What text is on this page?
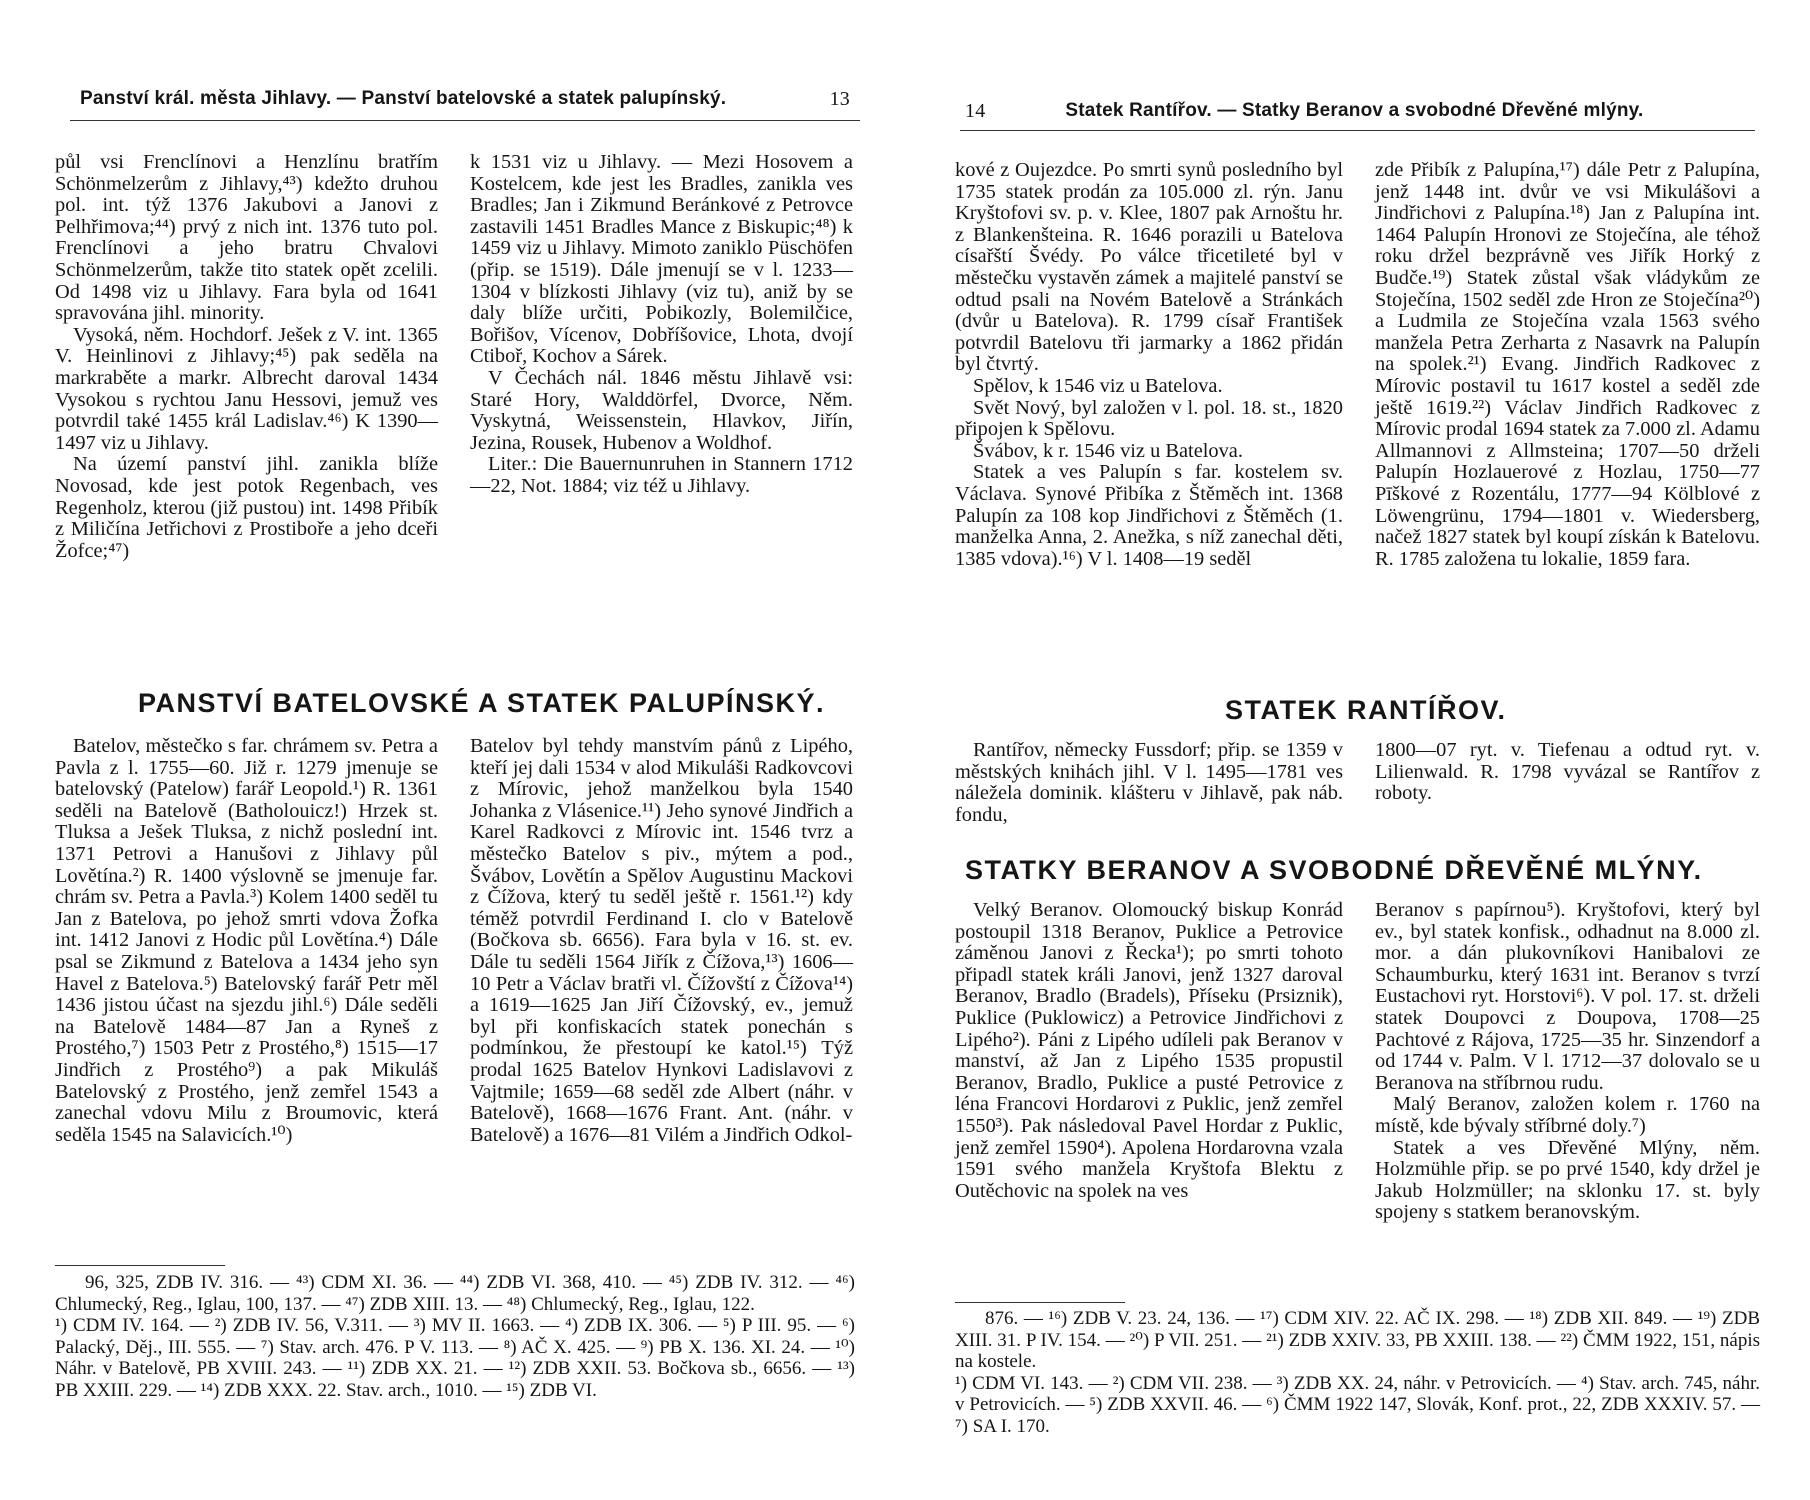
Panství král. města Jihlavy. — Panství batelovské a statek palupínský.	13

půl vsi Frenclínovi a Henzlínu bratřím Schönmelzerům z Jihlavy,⁴³) kdežto druhou pol. int. týž 1376 Jakubovi a Janovi z Pelhřimova;⁴⁴) prvý z nich int. 1376 tuto pol. Frenclínovi a jeho bratru Chvalovi Schönmelzerům, takže tito statek opět zcelili. Od 1498 viz u Jihlavy. Fara byla od 1641 spravována jihl. minority.

Vysoká, něm. Hochdorf. Ješek z V. int. 1365 V. Heinlinovi z Jihlavy;⁴⁵) pak seděla na markraběte a markr. Albrecht daroval 1434 Vysokou s rychtou Janu Hessovi, jemuž ves potvrdil také 1455 král Ladislav.⁴⁶) K 1390—1497 viz u Jihlavy.

Na území panství jihl. zanikla blíže Novosad, kde jest potok Regenbach, ves Regenholz, kterou (již pustou) int. 1498 Přibík z Miličína Jetřichovi z Prostiboře a jeho dceři Žofce;⁴⁷)

k 1531 viz u Jihlavy. — Mezi Hosovem a Kostelcem, kde jest les Bradles, zanikla ves Bradles; Jan i Zikmund Beránkové z Petrovce zastavili 1451 Bradles Mance z Biskupic;⁴⁸) k 1459 viz u Jihlavy. Mimoto zaniklo Püschöfen (přip. se 1519). Dále jmenují se v l. 1233—1304 v blízkosti Jihlavy (viz tu), aniž by se daly blíže určiti, Pobikozly, Bolemilčice, Bořišov, Vícenov, Dobříšovice, Lhota, dvojí Ctiboř, Kochov a Sárek.

V Čechách nál. 1846 městu Jihlavě vsi: Staré Hory, Walddörfel, Dvorce, Něm. Vyskytná, Weissenstein, Hlavkov, Jiřín, Jezina, Rousek, Hubenov a Woldhof.

Liter.: Die Bauernunruhen in Stannern 1712—22, Not. 1884; viz též u Jihlavy.

PANSTVÍ BATELOVSKÉ A STATEK PALUPÍNSKÝ.

Batelov, městečko s far. chrámem sv. Petra a Pavla z l. 1755—60. Již r. 1279 jmenuje se batelovský (Patelow) farář Leopold.¹) R. 1361 seděli na Batelově (Batholouicz!) Hrzek st. Tluksa a Ješek Tluksa, z nichž poslední int. 1371 Petrovi a Hanušovi z Jihlavy půl Lovětína.²) R. 1400 výslovně se jmenuje far. chrám sv. Petra a Pavla.³) Kolem 1400 seděl tu Jan z Batelova, po jehož smrti vdova Žofka int. 1412 Janovi z Hodic půl Lovětína.⁴) Dále psal se Zikmund z Batelova a 1434 jeho syn Havel z Batelova.⁵) Batelovský farář Petr měl 1436 jistou účast na sjezdu jihl.⁶) Dále seděli na Batelově 1484—87 Jan a Ryneš z Prostého,⁷) 1503 Petr z Prostého,⁸) 1515—17 Jindřich z Prostého⁹) a pak Mikuláš Batelovský z Prostého, jenž zemřel 1543 a zanechal vdovu Milu z Broumovic, která seděla 1545 na Salavicích.¹⁰)

Batelov byl tehdy manstvím pánů z Lipého, kteří jej dali 1534 v alod Mikuláši Radkovcovi z Mírovic, jehož manželkou byla 1540 Johanka z Vlásenice.¹¹) Jeho synové Jindřich a Karel Radkovci z Mírovic int. 1546 tvrz a městečko Batelov s piv., mýtem a pod., Švábov, Lovětín a Spělov Augustinu Mackovi z Čížova, který tu seděl ještě r. 1561.¹²) kdy téměž potvrdil Ferdinand I. clo v Batelově (Bočkova sb. 6656). Fara byla v 16. st. ev. Dále tu seděli 1564 Jiřík z Čížova,¹³) 1606—10 Petr a Václav bratři vl. Čížovští z Čížova¹⁴) a 1619—1625 Jan Jiří Čížovský, ev., jemuž byl při konfiskacích statek ponechán s podmínkou, že přestoupí ke katol.¹⁵) Týž prodal 1625 Batelov Hynkovi Ladislavovi z Vajtmile; 1659—68 seděl zde Albert (náhr. v Batelově), 1668—1676 Frant. Ant. (náhr. v Batelově) a 1676—81 Vilém a Jindřich Odkol-

96, 325, ZDB IV. 316. — ⁴³) CDM XI. 36. — ⁴⁴) ZDB VI. 368, 410. — ⁴⁵) ZDB IV. 312. — ⁴⁶) Chlumecký, Reg., Iglau, 100, 137. — ⁴⁷) ZDB XIII. 13. — ⁴⁸) Chlumecký, Reg., Iglau, 122.

¹) CDM IV. 164. — ²) ZDB IV. 56, V.311. — ³) MV II. 1663. — ⁴) ZDB IX. 306. — ⁵) P III. 95. — ⁶) Palacký, Děj., III. 555. — ⁷) Stav. arch. 476. P V. 113. — ⁸) AČ X. 425. — ⁹) PB X. 136. XI. 24. — ¹⁰) Náhr. v Batelově, PB XVIII. 243. — ¹¹) ZDB XX. 21. — ¹²) ZDB XXII. 53. Bočkova sb., 6656. — ¹³) PB XXIII. 229. — ¹⁴) ZDB XXX. 22. Stav. arch., 1010. — ¹⁵) ZDB VI.

14	Statek Rantířov. — Statky Beranov a svobodné Dřevěné mlýny.

kové z Oujezdce. Po smrti synů posledního byl 1735 statek prodán za 105.000 zl. rýn. Janu Kryštofovi sv. p. v. Klee, 1807 pak Arnoštu hr. z Blankenšteina. R. 1646 porazili u Batelova císařští Švédy. Po válce třicetileté byl v městečku vystavěn zámek a majitelé panství se odtud psali na Novém Batelově a Stránkách (dvůr u Batelova). R. 1799 císař František potvrdil Batelovu tři jarmarky a 1862 přidán byl čtvrtý.

Spělov, k 1546 viz u Batelova.

Svět Nový, byl založen v l. pol. 18. st., 1820 připojen k Spělovu.

Švábov, k r. 1546 viz u Batelova.

Statek a ves Palupín s far. kostelem sv. Václava. Synové Přibíka z Štěměch int. 1368 Palupín za 108 kop Jindřichovi z Štěměch (1. manželka Anna, 2. Anežka, s níž zanechal děti, 1385 vdova).¹⁶) V l. 1408—19 seděl

zde Přibík z Palupína,¹⁷) dále Petr z Palupína, jenž 1448 int. dvůr ve vsi Mikulášovi a Jindřichovi z Palupína.¹⁸) Jan z Palupína int. 1464 Palupín Hronovi ze Stoječína, ale téhož roku držel bezprávně ves Jiřík Horký z Budče.¹⁹) Statek zůstal však vládykům ze Stoječína, 1502 seděl zde Hron ze Stoječína²⁰) a Ludmila ze Stoječína vzala 1563 svého manžela Petra Zerharta z Nasavrk na Palupín na spolek.²¹) Evang. Jindřich Radkovec z Mírovic postavil tu 1617 kostel a seděl zde ještě 1619.²²) Václav Jindřich Radkovec z Mírovic prodal 1694 statek za 7.000 zl. Adamu Allmannovi z Allmsteina; 1707—50 drželi Palupín Hozlauerové z Hozlau, 1750—77 Pīškové z Rozentálu, 1777—94 Kölblové z Löwengrünu, 1794—1801 v. Wiedersberg, načež 1827 statek byl koupí získán k Batelovu. R. 1785 založena tu lokalie, 1859 fara.

STATEK RANTÍŘOV.

Rantířov, německy Fussdorf; přip. se 1359 v městských knihách jihl. V l. 1495—1781 ves náležela dominik. klášteru v Jihlavě, pak náb. fondu,

1800—07 ryt. v. Tiefenau a odtud ryt. v. Lilienwald. R. 1798 vyvázal se Rantířov z roboty.

STATKY BERANOV A SVOBODNÉ DŘEVĚNÉ MLÝNY.

Velký Beranov. Olomoucký biskup Konrád postoupil 1318 Beranov, Puklice a Petrovice záměnou Janovi z Řecka¹); po smrti tohoto připadl statek králi Janovi, jenž 1327 daroval Beranov, Bradlo (Bradels), Příseku (Prsiznik), Puklice (Puklowicz) a Petrovice Jindřichovi z Lipého²). Páni z Lipého udíleli pak Beranov v manství, až Jan z Lipého 1535 propustil Beranov, Bradlo, Puklice a pusté Petrovice z léna Francovi Hordarovi z Puklic, jenž zemřel 1550³). Pak následoval Pavel Hordar z Puklic, jenž zemřel 1590⁴). Apolena Hordarovna vzala 1591 svého manžela Kryštofa Blektu z Outěchovic na spolek na ves

Beranov s papírnou⁵). Kryštofovi, který byl ev., byl statek konfisk., odhadnut na 8.000 zl. mor. a dán plukovníkovi Hanibalovi ze Schaumburku, který 1631 int. Beranov s tvrzí Eustachovi ryt. Horstovi⁶). V pol. 17. st. drželi statek Doupovci z Doupova, 1708—25 Pachtové z Rájova, 1725—35 hr. Sinzendorf a od 1744 v. Palm. V l. 1712—37 dolovalo se u Beranova na stříbrnou rudu.

Malý Beranov, založen kolem r. 1760 na místě, kde bývaly stříbrné doly.⁷)

Statek a ves Dřevěné Mlýny, něm. Holzmühle přip. se po prvé 1540, kdy držel je Jakub Holzmüller; na sklonku 17. st. byly spojeny s statkem beranovským.

876. — ¹⁶) ZDB V. 23. 24, 136. — ¹⁷) CDM XIV. 22. AČ IX. 298. — ¹⁸) ZDB XII. 849. — ¹⁹) ZDB XIII. 31. P IV. 154. — ²⁰) P VII. 251. — ²¹) ZDB XXIV. 33, PB XXIII. 138. — ²²) ČMM 1922, 151, nápis na kostele.

¹) CDM VI. 143. — ²) CDM VII. 238. — ³) ZDB XX. 24, náhr. v Petrovicích. — ⁴) Stav. arch. 745, náhr. v Petrovicích. — ⁵) ZDB XXVII. 46. — ⁶) ČMM 1922 147, Slovák, Konf. prot., 22, ZDB XXXIV. 57. — ⁷) SA I. 170.
